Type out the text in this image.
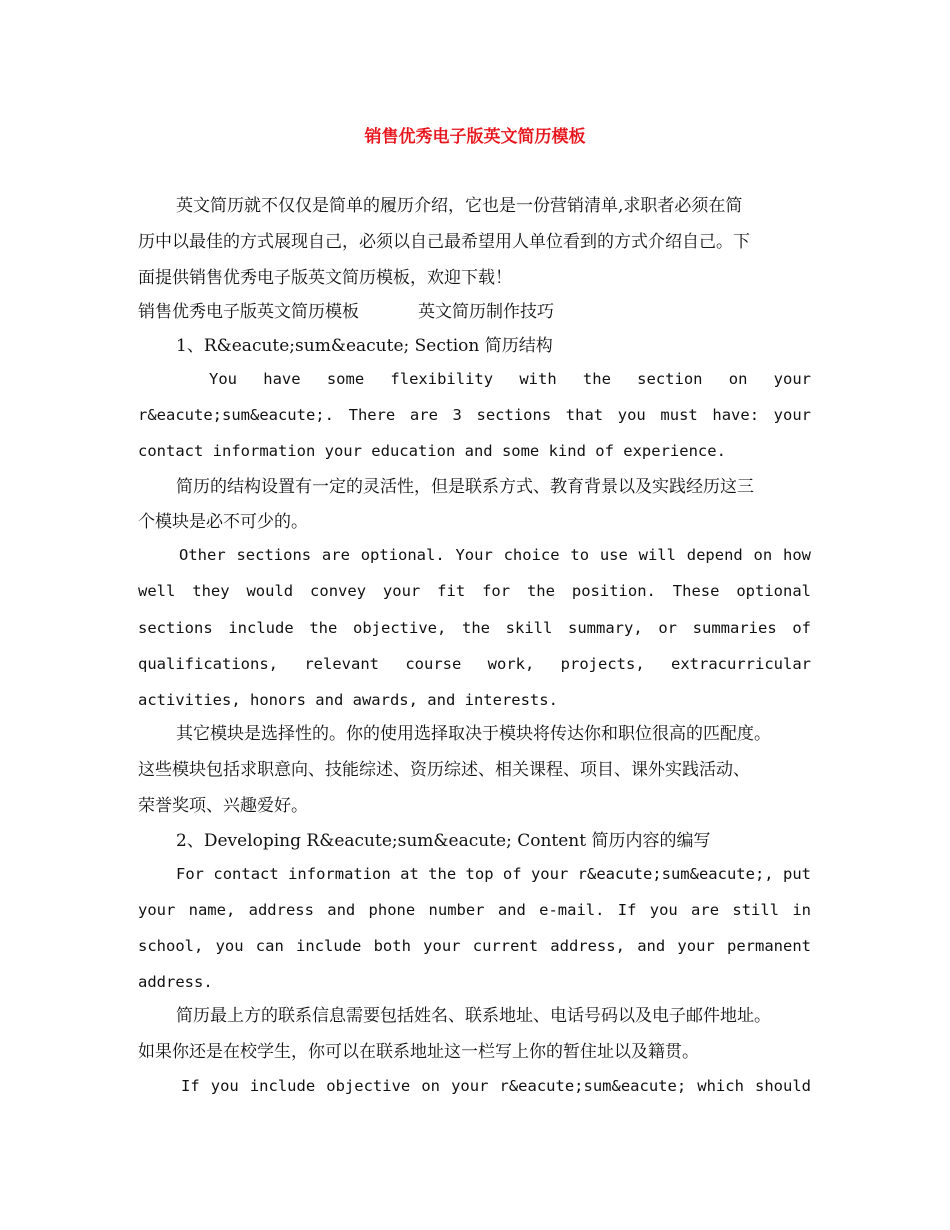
销售优秀电子版英文简历模板
英文简历就不仅仅是简单的履历介绍，它也是一份营销清单,求职者必须在简
历中以最佳的方式展现自己，必须以自己最希望用人单位看到的方式介绍自己。下
面提供销售优秀电子版英文简历模板，欢迎下载！
销售优秀电子版英文简历模板	英文简历制作技巧
1、R&eacute;sum&eacute; Section 简历结构
You have some flexibility with the section on your
r&eacute;sum&eacute;. There are 3 sections that you must have: your
contact information your education and some kind of experience.
简历的结构设置有一定的灵活性，但是联系方式、教育背景以及实践经历这三
个模块是必不可少的。
Other sections are optional. Your choice to use will depend on how
well they would convey your fit for the position. These optional
sections include the objective, the skill summary, or summaries of
qualifications, relevant course work, projects, extracurricular
activities, honors and awards, and interests.
其它模块是选择性的。你的使用选择取决于模块将传达你和职位很高的匹配度。
这些模块包括求职意向、技能综述、资历综述、相关课程、项目、课外实践活动、
荣誉奖项、兴趣爱好。
2、Developing R&eacute;sum&eacute; Content 简历内容的编写
For contact information at the top of your r&eacute;sum&eacute;, put
your name, address and phone number and e-mail. If you are still in
school, you can include both your current address, and your permanent
address.
简历最上方的联系信息需要包括姓名、联系地址、电话号码以及电子邮件地址。
如果你还是在校学生，你可以在联系地址这一栏写上你的暂住址以及籍贯。
If you include objective on your r&eacute;sum&eacute; which should
